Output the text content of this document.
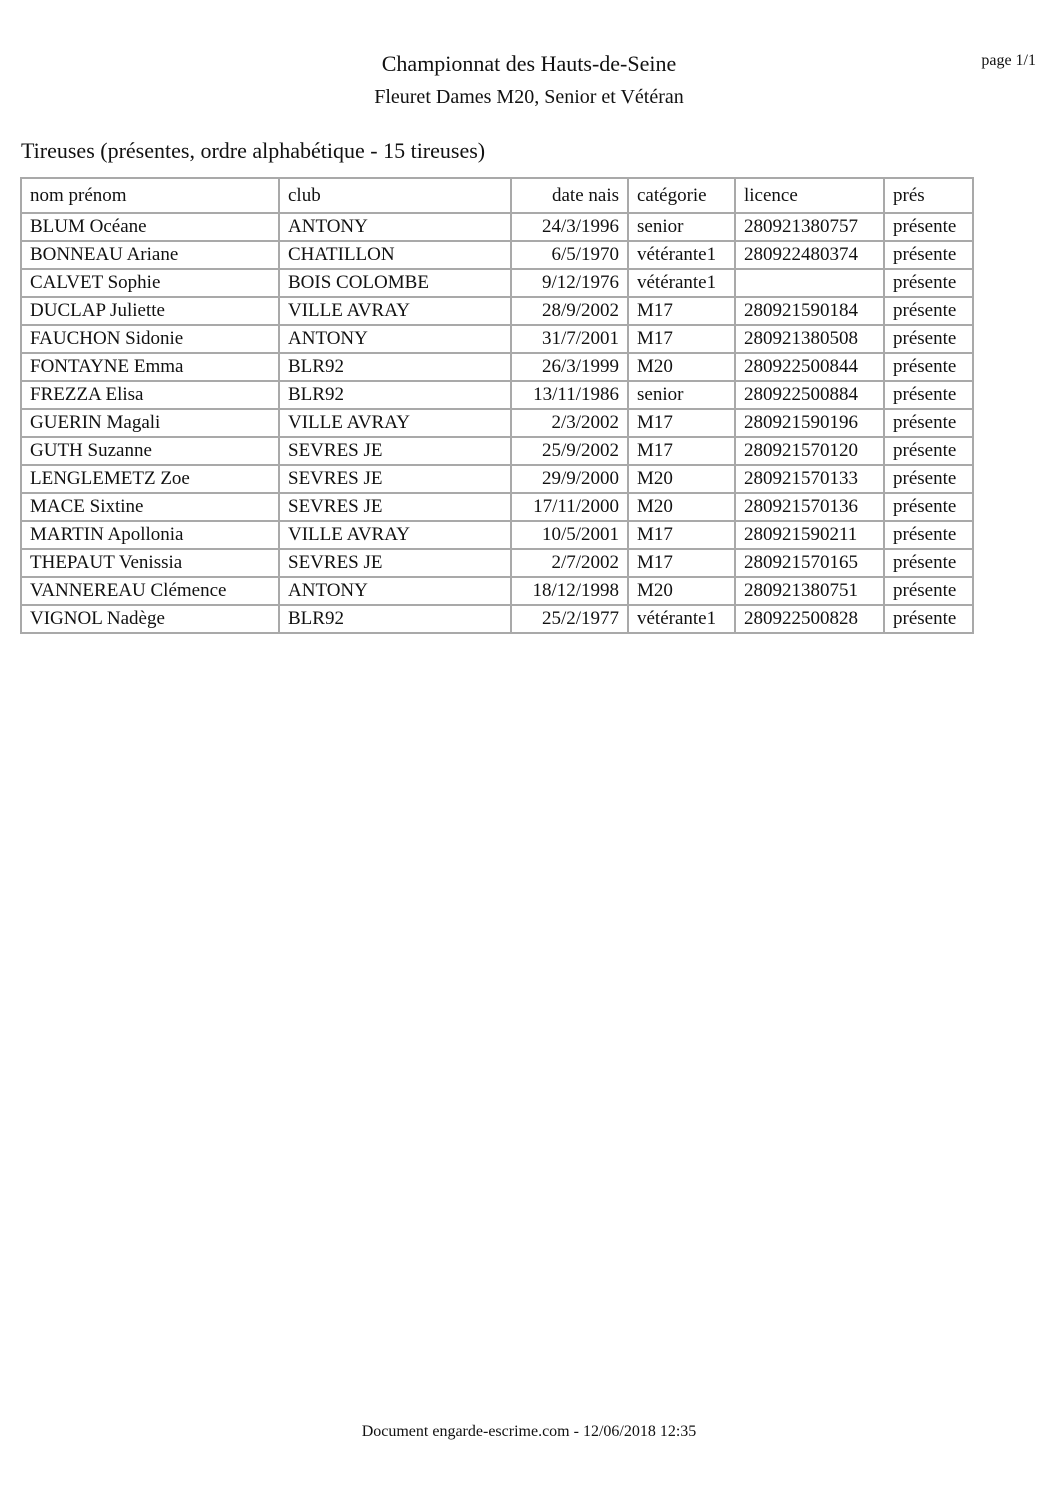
Championnat des Hauts-de-Seine
Fleuret Dames M20, Senior et Vétéran
page 1/1
Tireuses (présentes, ordre alphabétique - 15 tireuses)
nom prénom	club	date nais	catégorie	licence	prés
BLUM Océane	ANTONY	24/3/1996	senior	280921380757	présente
BONNEAU Ariane	CHATILLON	6/5/1970	vétérante1	280922480374	présente
CALVET Sophie	BOIS COLOMBE	9/12/1976	vétérante1		présente
DUCLAP Juliette	VILLE AVRAY	28/9/2002	M17	280921590184	présente
FAUCHON Sidonie	ANTONY	31/7/2001	M17	280921380508	présente
FONTAYNE Emma	BLR92	26/3/1999	M20	280922500844	présente
FREZZA Elisa	BLR92	13/11/1986	senior	280922500884	présente
GUERIN Magali	VILLE AVRAY	2/3/2002	M17	280921590196	présente
GUTH Suzanne	SEVRES JE	25/9/2002	M17	280921570120	présente
LENGLEMETZ Zoe	SEVRES JE	29/9/2000	M20	280921570133	présente
MACE Sixtine	SEVRES JE	17/11/2000	M20	280921570136	présente
MARTIN Apollonia	VILLE AVRAY	10/5/2001	M17	280921590211	présente
THEPAUT Venissia	SEVRES JE	2/7/2002	M17	280921570165	présente
VANNEREAU Clémence	ANTONY	18/12/1998	M20	280921380751	présente
VIGNOL Nadège	BLR92	25/2/1977	vétérante1	280922500828	présente
Document engarde-escrime.com - 12/06/2018 12:35
